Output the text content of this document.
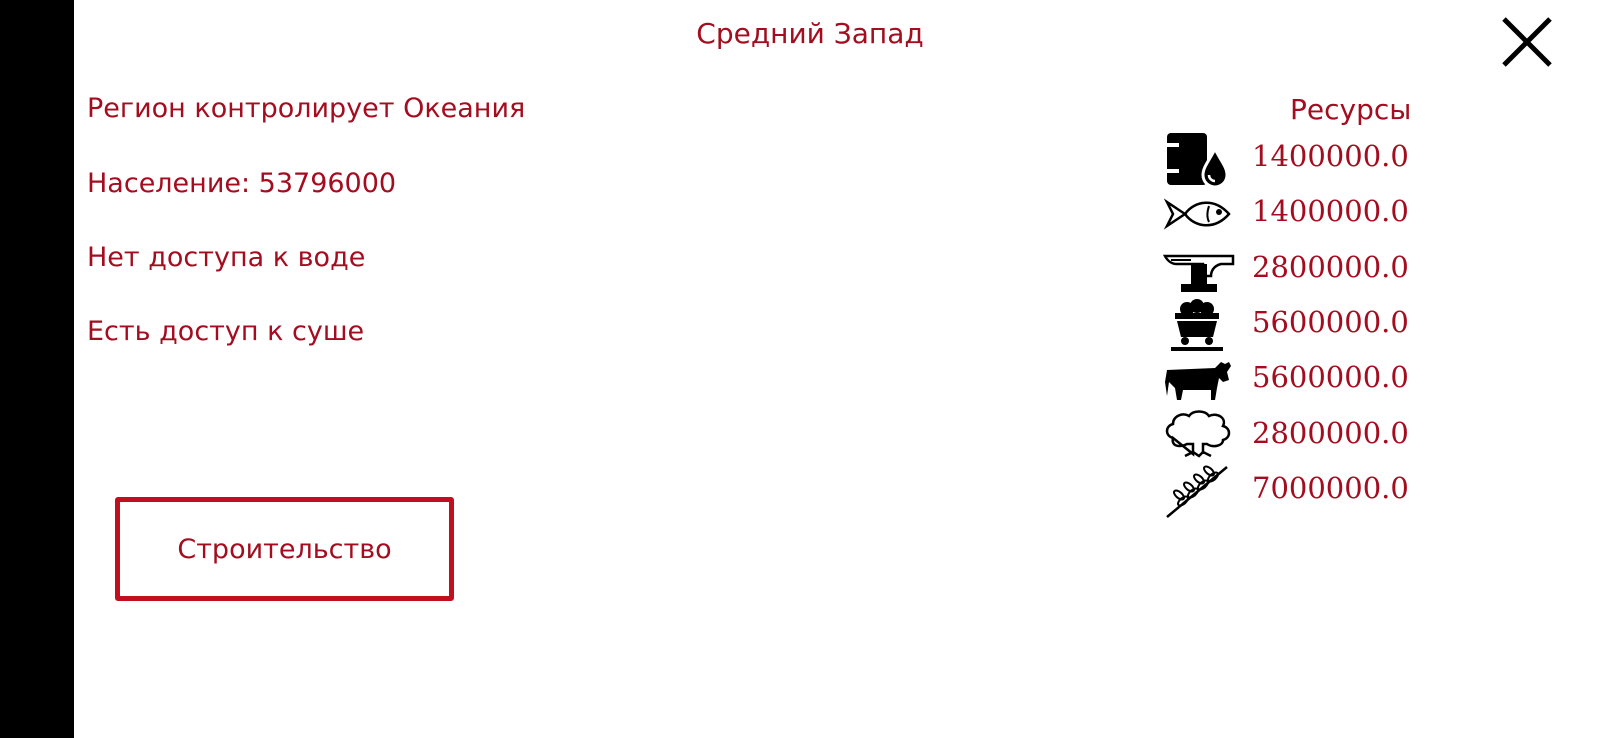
Средний Запад
Регион контролирует Океания
Население: 53796000
Нет доступа к воде
Есть доступ к суше
Строительство
Ресурсы
1400000.0
1400000.0
2800000.0
5600000.0
5600000.0
2800000.0
7000000.0
